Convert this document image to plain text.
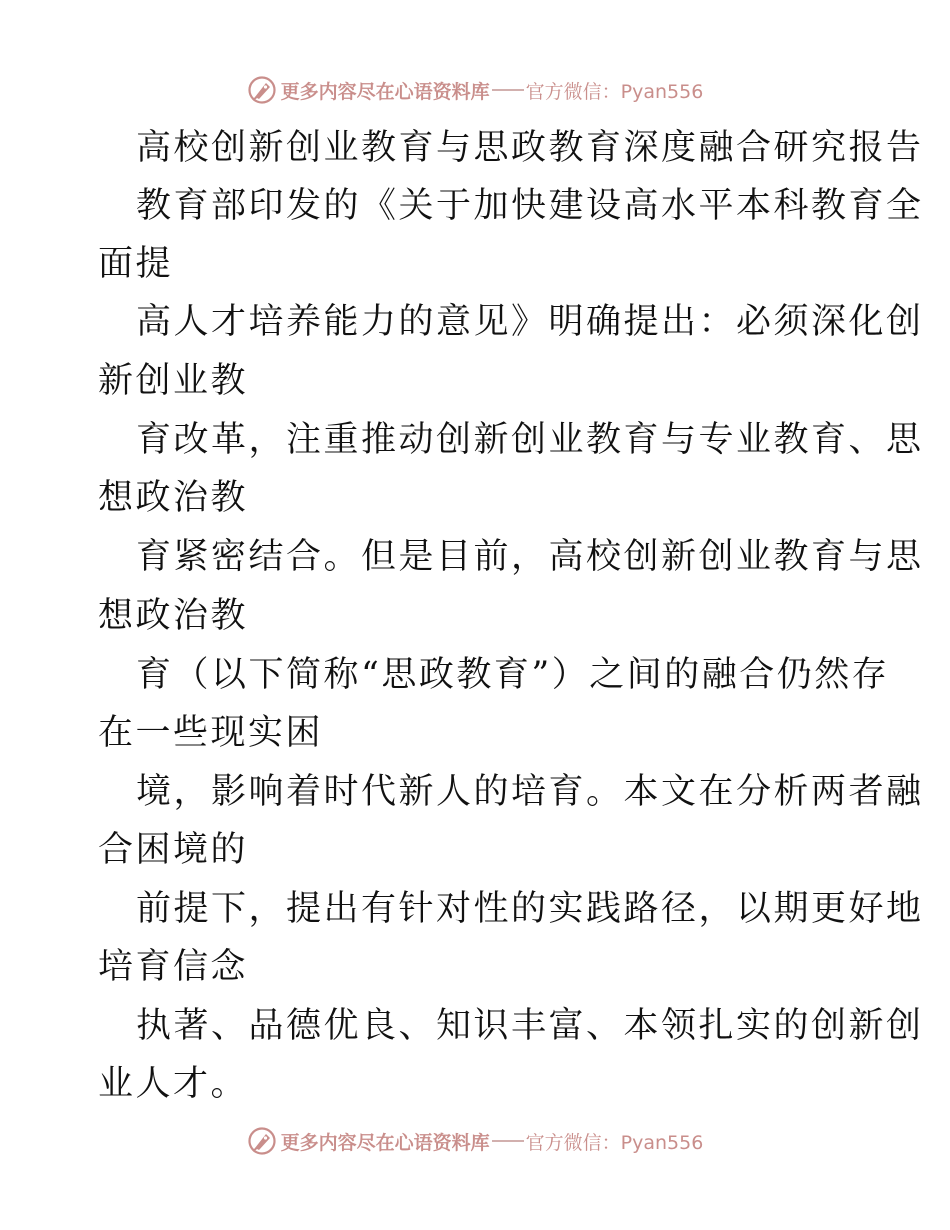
更多内容尽在心语资料库 官方微信：Pyan556
高校创新创业教育与思政教育深度融合研究报告
教育部印发的《关于加快建设高水平本科教育全
面提
高人才培养能力的意见》明确提出：必须深化创
新创业教
育改革，注重推动创新创业教育与专业教育、思
想政治教
育紧密结合。但是目前，高校创新创业教育与思
想政治教
育（以下简称“思政教育”）之间的融合仍然存
在一些现实困
境，影响着时代新人的培育。本文在分析两者融
合困境的
前提下，提出有针对性的实践路径，以期更好地
培育信念
执著、品德优良、知识丰富、本领扎实的创新创
业人才。
更多内容尽在心语资料库 官方微信：Pyan556
